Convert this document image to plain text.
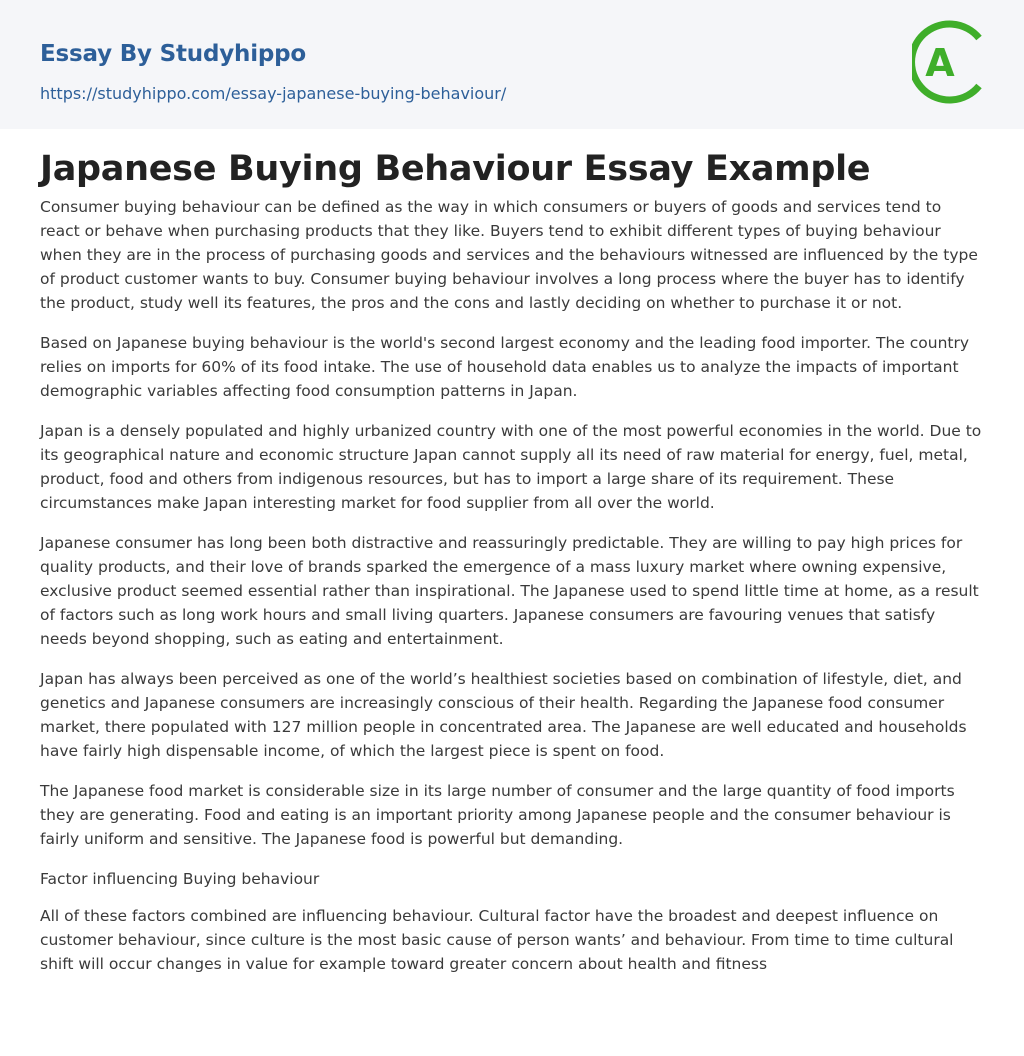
Essay By Studyhippo
https://studyhippo.com/essay-japanese-buying-behaviour/
A
Japanese Buying Behaviour Essay Example

Consumer buying behaviour can be defined as the way in which consumers or buyers of goods and services tend to react or behave when purchasing products that they like. Buyers tend to exhibit different types of buying behaviour when they are in the process of purchasing goods and services and the behaviours witnessed are influenced by the type of product customer wants to buy. Consumer buying behaviour involves a long process where the buyer has to identify the product, study well its features, the pros and the cons and lastly deciding on whether to purchase it or not.

Based on Japanese buying behaviour is the world's second largest economy and the leading food importer. The country relies on imports for 60% of its food intake. The use of household data enables us to analyze the impacts of important demographic variables affecting food consumption patterns in Japan.

Japan is a densely populated and highly urbanized country with one of the most powerful economies in the world. Due to its geographical nature and economic structure Japan cannot supply all its need of raw material for energy, fuel, metal, product, food and others from indigenous resources, but has to import a large share of its requirement. These circumstances make Japan interesting market for food supplier from all over the world.

Japanese consumer has long been both distractive and reassuringly predictable. They are willing to pay high prices for quality products, and their love of brands sparked the emergence of a mass luxury market where owning expensive, exclusive product seemed essential rather than inspirational. The Japanese used to spend little time at home, as a result of factors such as long work hours and small living quarters. Japanese consumers are favouring venues that satisfy needs beyond shopping, such as eating and entertainment.

Japan has always been perceived as one of the world’s healthiest societies based on combination of lifestyle, diet, and genetics and Japanese consumers are increasingly conscious of their health. Regarding the Japanese food consumer market, there populated with 127 million people in concentrated area. The Japanese are well educated and households have fairly high dispensable income, of which the largest piece is spent on food.

The Japanese food market is considerable size in its large number of consumer and the large quantity of food imports they are generating. Food and eating is an important priority among Japanese people and the consumer behaviour is fairly uniform and sensitive. The Japanese food is powerful but demanding.

Factor influencing Buying behaviour

All of these factors combined are influencing behaviour. Cultural factor have the broadest and deepest influence on customer behaviour, since culture is the most basic cause of person wants’ and behaviour. From time to time cultural shift will occur changes in value for example toward greater concern about health and fitness
